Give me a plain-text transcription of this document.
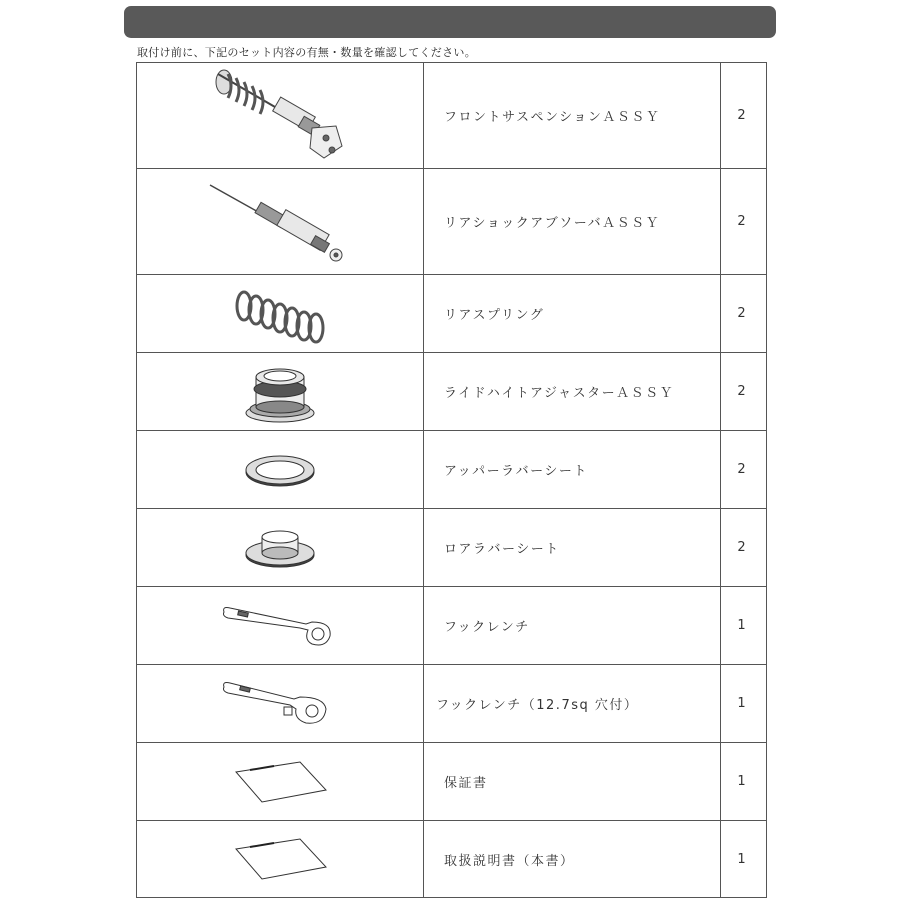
取付け前に、下記のセット内容の有無・数量を確認してください。
	フロントサスペンションＡＳＳＹ	2

	リアショックアブソーバＡＳＳＹ	2

	リアスプリング	2

	ライドハイトアジャスターＡＳＳＹ	2

	アッパーラバーシート	2

	ロアラバーシート	2

	フックレンチ	1

	フックレンチ（12.7sq 穴付）	1

	保証書	1

	取扱説明書（本書）	1
